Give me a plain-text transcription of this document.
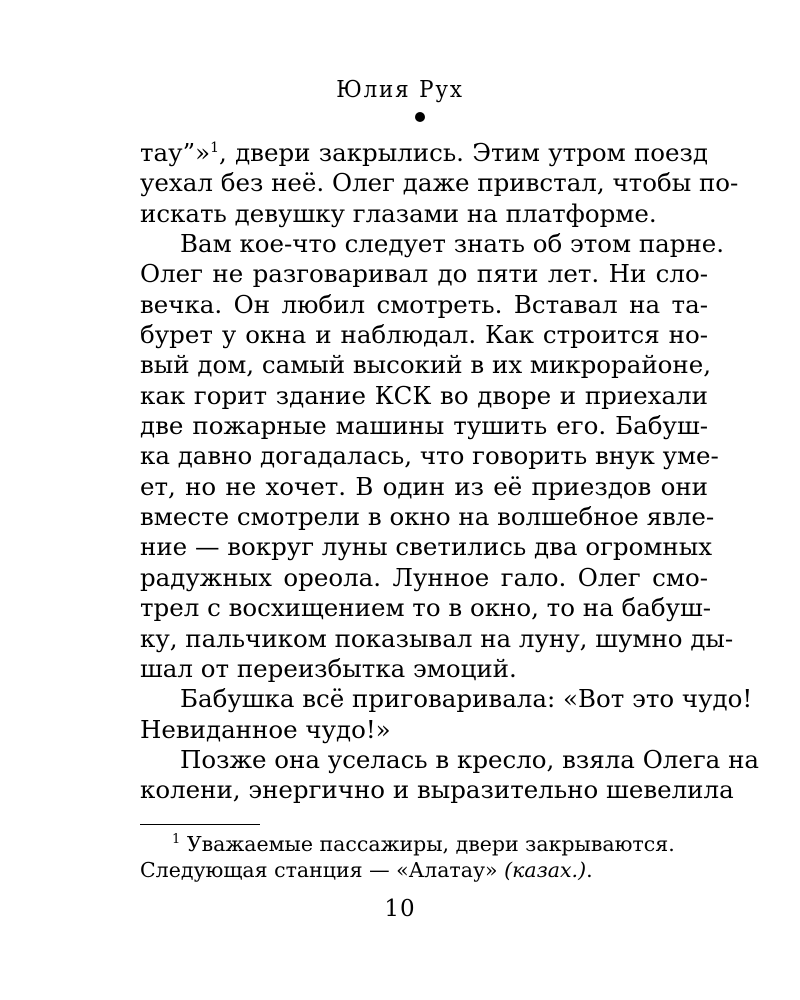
Юлия Рух
тау”»$^1$, двери закрылись. Этим утром поезд
уехал без неё. Олег даже привстал, чтобы по-
искать девушку глазами на платформе.
Вам кое-что следует знать об этом парне.
Олег не разговаривал до пяти лет. Ни сло-
вечка. Он любил смотреть. Вставал на та-
бурет у окна и наблюдал. Как строится но-
вый дом, самый высокий в их микрорайоне,
как горит здание КСК во дворе и приехали
две пожарные машины тушить его. Бабуш-
ка давно догадалась, что говорить внук уме-
ет, но не хочет. В один из её приездов они
вместе смотрели в окно на волшебное явле-
ние — вокруг луны светились два огромных
радужных ореола. Лунное гало. Олег смо-
трел с восхищением то в окно, то на бабуш-
ку, пальчиком показывал на луну, шумно ды-
шал от переизбытка эмоций.
Бабушка всё приговаривала: «Вот это чудо!
Невиданное чудо!»
Позже она уселась в кресло, взяла Олега на
колени, энергично и выразительно шевелила
$^1$ Уважаемые пассажиры, двери закрываются.
Следующая станция — «Алатау» (казах.).
10
